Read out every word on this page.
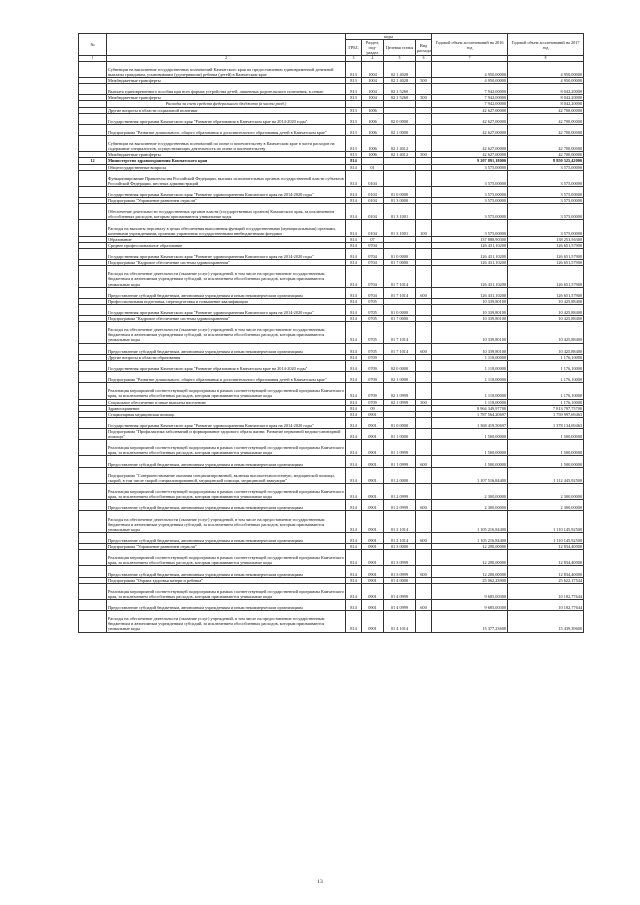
№		коды				Годовой объем ассигнований на 2016 год	Годовой объем ассигнований на 2017 год
		ГРБС	Раздел, под-раздел	Целевая статья	Вид расхода		
1	2	3	4	5	6	7	8
	Субвенции на выполнение государственных полномочий Камчатского края по предоставлению единовременной денежной выплаты гражданам, усыновившим (удочерившим) ребенка (детей) в Камчатском крае	813	1004	02 1 4028		4 950,00000	4 950,00000
	Межбюджетные трансферты	813	1004	02 1 4028	500	4 950,00000	4 950,00000
	Выплата единовременного пособия при всех формах устройства детей, лишенных родительского попечения, в семью	813	1004	02 1 5260		7 942,00000	8 042,20000
	Межбюджетные трансферты	813	1004	02 1 5260	500	7 942,00000	8 042,20000
	Расходы за счет средств федерального бюджета (в части разд.)					7 942,00000	8 042,20000
	Другие вопросы в области социальной политики	813	1006			42 627,00000	42 700,00000
	Государственная программа Камчатского края "Развитие образования в Камчатском крае на 2014-2020 годы"	813	1006	02 0 0000		42 627,00000	42 700,00000
	Подпрограмма "Развитие дошкольного, общего образования и дополнительного образования детей в Камчатском крае"	813	1006	02 1 0000		42 627,00000	42 700,00000
	Субвенции на выполнение государственных полномочий по опеке и попечительству в Камчатском крае в части расходов на содержание специалистов, осуществляющих деятельность по опеке и попечительству	813	1006	02 1 4012		42 627,00000	42 700,00000
	Межбюджетные трансферты	813	1006	02 1 4012	500	42 627,00000	42 700,00000
12	Министерство здравоохранения Камчатского края	814				9 207 891,18000	8 850 525,42000
	Общегосударственные вопросы	814	01			3 575,00000	3 575,00000
	Функционирование Правительства Российской Федерации, высших исполнительных органов государственной власти субъектов Российской Федерации, местных администраций	814	0104			3 575,00000	3 575,00000
	Государственная программа Камчатского края "Развитие здравоохранения Камчатского края на 2014-2020 годы"	814	0104	01 0 0000		3 575,00000	3 575,00000
	Подпрограмма "Управление развитием отрасли"	814	0104	01 3 0000		3 575,00000	3 575,00000
	Обеспечение деятельности государственных органов власти (государственных органов) Камчатского края, за исключением обособленных расходов, которым присваиваются уникальные коды	814	0104	01 3 1001		3 575,00000	3 575,00000
	Расходы на выплаты персоналу в целях обеспечения выполнения функций государственными (муниципальными) органами, казенными учреждениями, органами управления государственными внебюджетными фондами	814	0104	01 3 1001	100	3 575,00000	3 575,00000
	Образование	814	07			137 888,90300	138 253,56300
	Среднее профессиональное образование	814	0704			126 431,10200	126 651,57900
	Государственная программа Камчатского края "Развитие здравоохранения Камчатского края на 2014-2020 годы"	814	0704	01 0 0000		126 431,10200	126 651,57900
	Подпрограмма "Кадровое обеспечение системы здравоохранения"	814	0704	01 7 0000		126 431,10200	126 651,57900
	Расходы на обеспечение деятельности (оказание услуг) учреждений, в том числе на предоставление государственным бюджетным и автономным учреждениям субсидий, за исключением обособленных расходов, которым присваиваются уникальные коды	814	0704	01 7 1014		126 431,10200	126 651,57900
	Предоставление субсидий бюджетным, автономным учреждениям и иным некоммерческим организациям	814	0704	01 7 1014	600	126 431,10200	126 651,57900
	Профессиональная подготовка, переподготовка и повышение квалификации	814	0705			10 339,80100	10 425,88400
	Государственная программа Камчатского края "Развитие здравоохранения Камчатского края на 2014-2020 годы"	814	0705	01 0 0000		10 339,80100	10 425,88400
	Подпрограмма "Кадровое обеспечение системы здравоохранения"	814	0705	01 7 0000		10 339,80100	10 425,88400
	Расходы на обеспечение деятельности (оказание услуг) учреждений, в том числе на предоставление государственным бюджетным и автономным учреждениям субсидий, за исключением обособленных расходов, которым присваиваются уникальные коды	814	0705	01 7 1014		10 339,80100	10 425,88400
	Предоставление субсидий бюджетным, автономным учреждениям и иным некоммерческим организациям	814	0705	01 7 1014	600	10 339,80100	10 425,88400
	Другие вопросы в области образования	814	0709			1 118,00000	1 176,10000
	Государственная программа Камчатского края "Развитие образования в Камчатском крае на 2014-2020 годы"	814	0709	02 0 0000		1 118,00000	1 176,10000
	Подпрограмма "Развитие дошкольного, общего образования и дополнительного образования детей в Камчатском крае"	814	0709	02 1 0000		1 118,00000	1 176,10000
	Реализация мероприятий соответствующей подпрограммы в рамках соответствующей государственной программы Камчатского края, за исключением обособленных расходов, которым присваиваются уникальные коды	814	0709	02 1 0999		1 118,00000	1 176,10000
	Социальное обеспечение и иные выплаты населению	814	0709	02 1 0999	300	1 118,00000	1 176,10000
	Здравоохранение	814	09			8 964 349,97700	7 813 797,75700
	Стационарная медицинская помощь	814	0901			1 787 564,20697	1 759 997,69463
	Государственная программа Камчатского края "Развитие здравоохранения Камчатского края на 2014-2020 годы"	814	0901	01 0 0000		1 368 419,50697	1 378 134,69463
	Подпрограмма "Профилактика заболеваний и формирование здорового образа жизни. Развитие первичной медико-санитарной помощи"	814	0901	01 1 0000		1 500,00000	1 500,00000
	Реализация мероприятий соответствующей подпрограммы в рамках соответствующей государственной программы Камчатского края, за исключением обособленных расходов, которым присваиваются уникальные коды	814	0901	01 1 0999		1 500,00000	1 500,00000
	Предоставление субсидий бюджетным, автономным учреждениям и иным некоммерческим организациям	814	0901	01 1 0999	600	1 500,00000	1 500,00000
	Подпрограмма "Совершенствование оказания специализированной, включая высокотехнологичную, медицинской помощи, скорой, в том числе скорой специализированной, медицинской помощи, медицинской эвакуации"	814	0901	01 2 0000		1 107 516,84400	1 112 445,92500
	Реализация мероприятий соответствующей подпрограммы в рамках соответствующей государственной программы Камчатского края, за исключением обособленных расходов, которым присваиваются уникальные коды	814	0901	01 2 0999		2 300,00000	2 300,00000
	Предоставление субсидий бюджетным, автономным учреждениям и иным некоммерческим организациям	814	0901	01 2 0999	600	2 300,00000	2 300,00000
	Расходы на обеспечение деятельности (оказание услуг) учреждений, в том числе на предоставление государственным бюджетным и автономным учреждениям субсидий, за исключением обособленных расходов, которым присваиваются уникальные коды	814	0901	01 2 1014		1 105 216,84400	1 110 145,92500
	Предоставление субсидий бюджетным, автономным учреждениям и иным некоммерческим организациям	814	0901	01 2 1014	600	1 105 216,84400	1 110 145,92500
	Подпрограмма "Управление развитием отрасли"	814	0901	01 3 0000		12 200,00000	12 834,40000
	Реализация мероприятий соответствующей подпрограммы в рамках соответствующей государственной программы Камчатского края, за исключением обособленных расходов, которым присваиваются уникальные коды	814	0901	01 3 0999		12 200,00000	12 834,40000
	Предоставление субсидий бюджетным, автономным учреждениям и иным некоммерческим организациям	814	0901	01 3 0999	600	12 200,00000	12 834,40000
	Подпрограмма "Охрана здоровья матери и ребенка"	814	0901	01 4 0000		25 062,23900	25 622,17544
	Реализация мероприятий соответствующей подпрограммы в рамках соответствующей государственной программы Камчатского края, за исключением обособленных расходов, которым присваиваются уникальные коды	814	0901	01 4 0999		9 685,00300	10 182,77644
	Предоставление субсидий бюджетным, автономным учреждениям и иным некоммерческим организациям	814	0901	01 4 0999	600	9 685,00300	10 182,77644
	Расходы на обеспечение деятельности (оказание услуг) учреждений, в том числе на предоставление государственным бюджетным и автономным учреждениям субсидий, за исключением обособленных расходов, которым присваиваются уникальные коды	814	0901	01 4 1014		15 377,23600	15 439,39600
13
